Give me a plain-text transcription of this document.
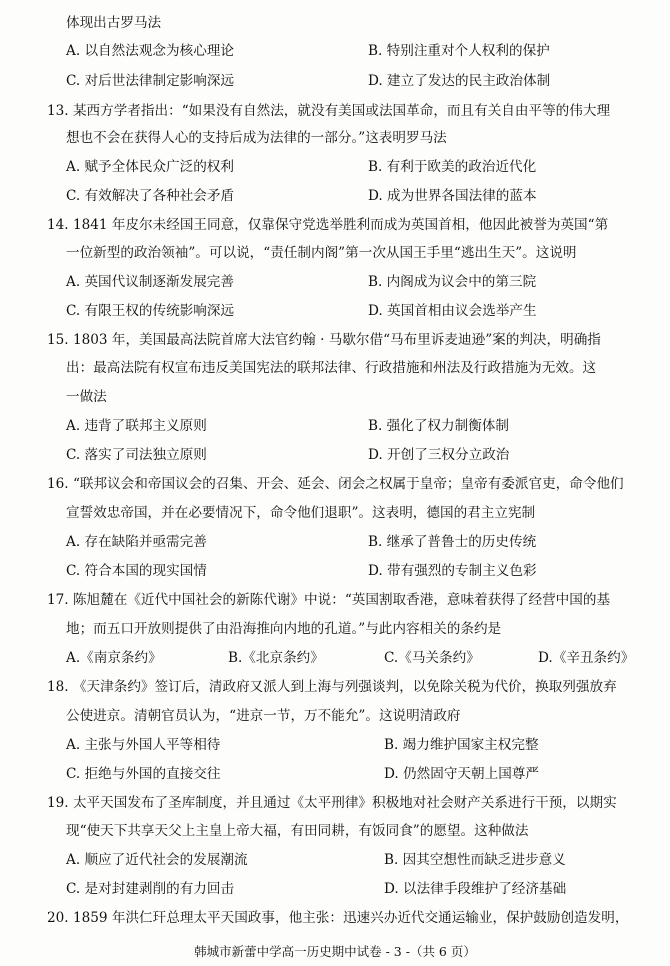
体现出古罗马法
A. 以自然法观念为核心理论	B. 特别注重对个人权利的保护
C. 对后世法律制定影响深远	D. 建立了发达的民主政治体制
13. 某西方学者指出：“如果没有自然法，就没有美国或法国革命，而且有关自由平等的伟大理
想也不会在获得人心的支持后成为法律的一部分。”这表明罗马法
A. 赋予全体民众广泛的权利	B. 有利于欧美的政治近代化
C. 有效解决了各种社会矛盾	D. 成为世界各国法律的蓝本
14. 1841 年皮尔未经国王同意，仅靠保守党选举胜利而成为英国首相，他因此被誉为英国“第
一位新型的政治领袖”。可以说，“责任制内阁”第一次从国王手里“逃出生天”。这说明
A. 英国代议制逐渐发展完善	B. 内阁成为议会中的第三院
C. 有限王权的传统影响深远	D. 英国首相由议会选举产生
15. 1803 年，美国最高法院首席大法官约翰 · 马歇尔借“马布里诉麦迪逊”案的判决，明确指
出：最高法院有权宣布违反美国宪法的联邦法律、行政措施和州法及行政措施为无效。这
一做法
A. 违背了联邦主义原则	B. 强化了权力制衡体制
C. 落实了司法独立原则	D. 开创了三权分立政治
16. “联邦议会和帝国议会的召集、开会、延会、闭会之权属于皇帝；皇帝有委派官吏，命令他们
宣誓效忠帝国，并在必要情况下，命令他们退职”。这表明，德国的君主立宪制
A. 存在缺陷并亟需完善	B. 继承了普鲁士的历史传统
C. 符合本国的现实国情	D. 带有强烈的专制主义色彩
17. 陈旭麓在《近代中国社会的新陈代谢》中说：“英国割取香港，意味着获得了经营中国的基
地；而五口开放则提供了由沿海推向内地的孔道。”与此内容相关的条约是
A.《南京条约》	B.《北京条约》	C.《马关条约》	D.《辛丑条约》
18. 《天津条约》签订后，清政府又派人到上海与列强谈判，以免除关税为代价，换取列强放弃
公使进京。清朝官员认为，“进京一节，万不能允”。这说明清政府
A. 主张与外国人平等相待	B. 竭力维护国家主权完整
C. 拒绝与外国的直接交往	D. 仍然固守天朝上国尊严
19. 太平天国发布了圣库制度，并且通过《太平刑律》积极地对社会财产关系进行干预，以期实
现“使天下共享天父上主皇上帝大福，有田同耕，有饭同食”的愿望。这种做法
A. 顺应了近代社会的发展潮流	B. 因其空想性而缺乏进步意义
C. 是对封建剥削的有力回击	D. 以法律手段维护了经济基础
20. 1859 年洪仁玕总理太平天国政事，他主张：迅速兴办近代交通运输业，保护鼓励创造发明，
韩城市新蕾中学高一历史期中试卷 - 3 -（共 6 页）
